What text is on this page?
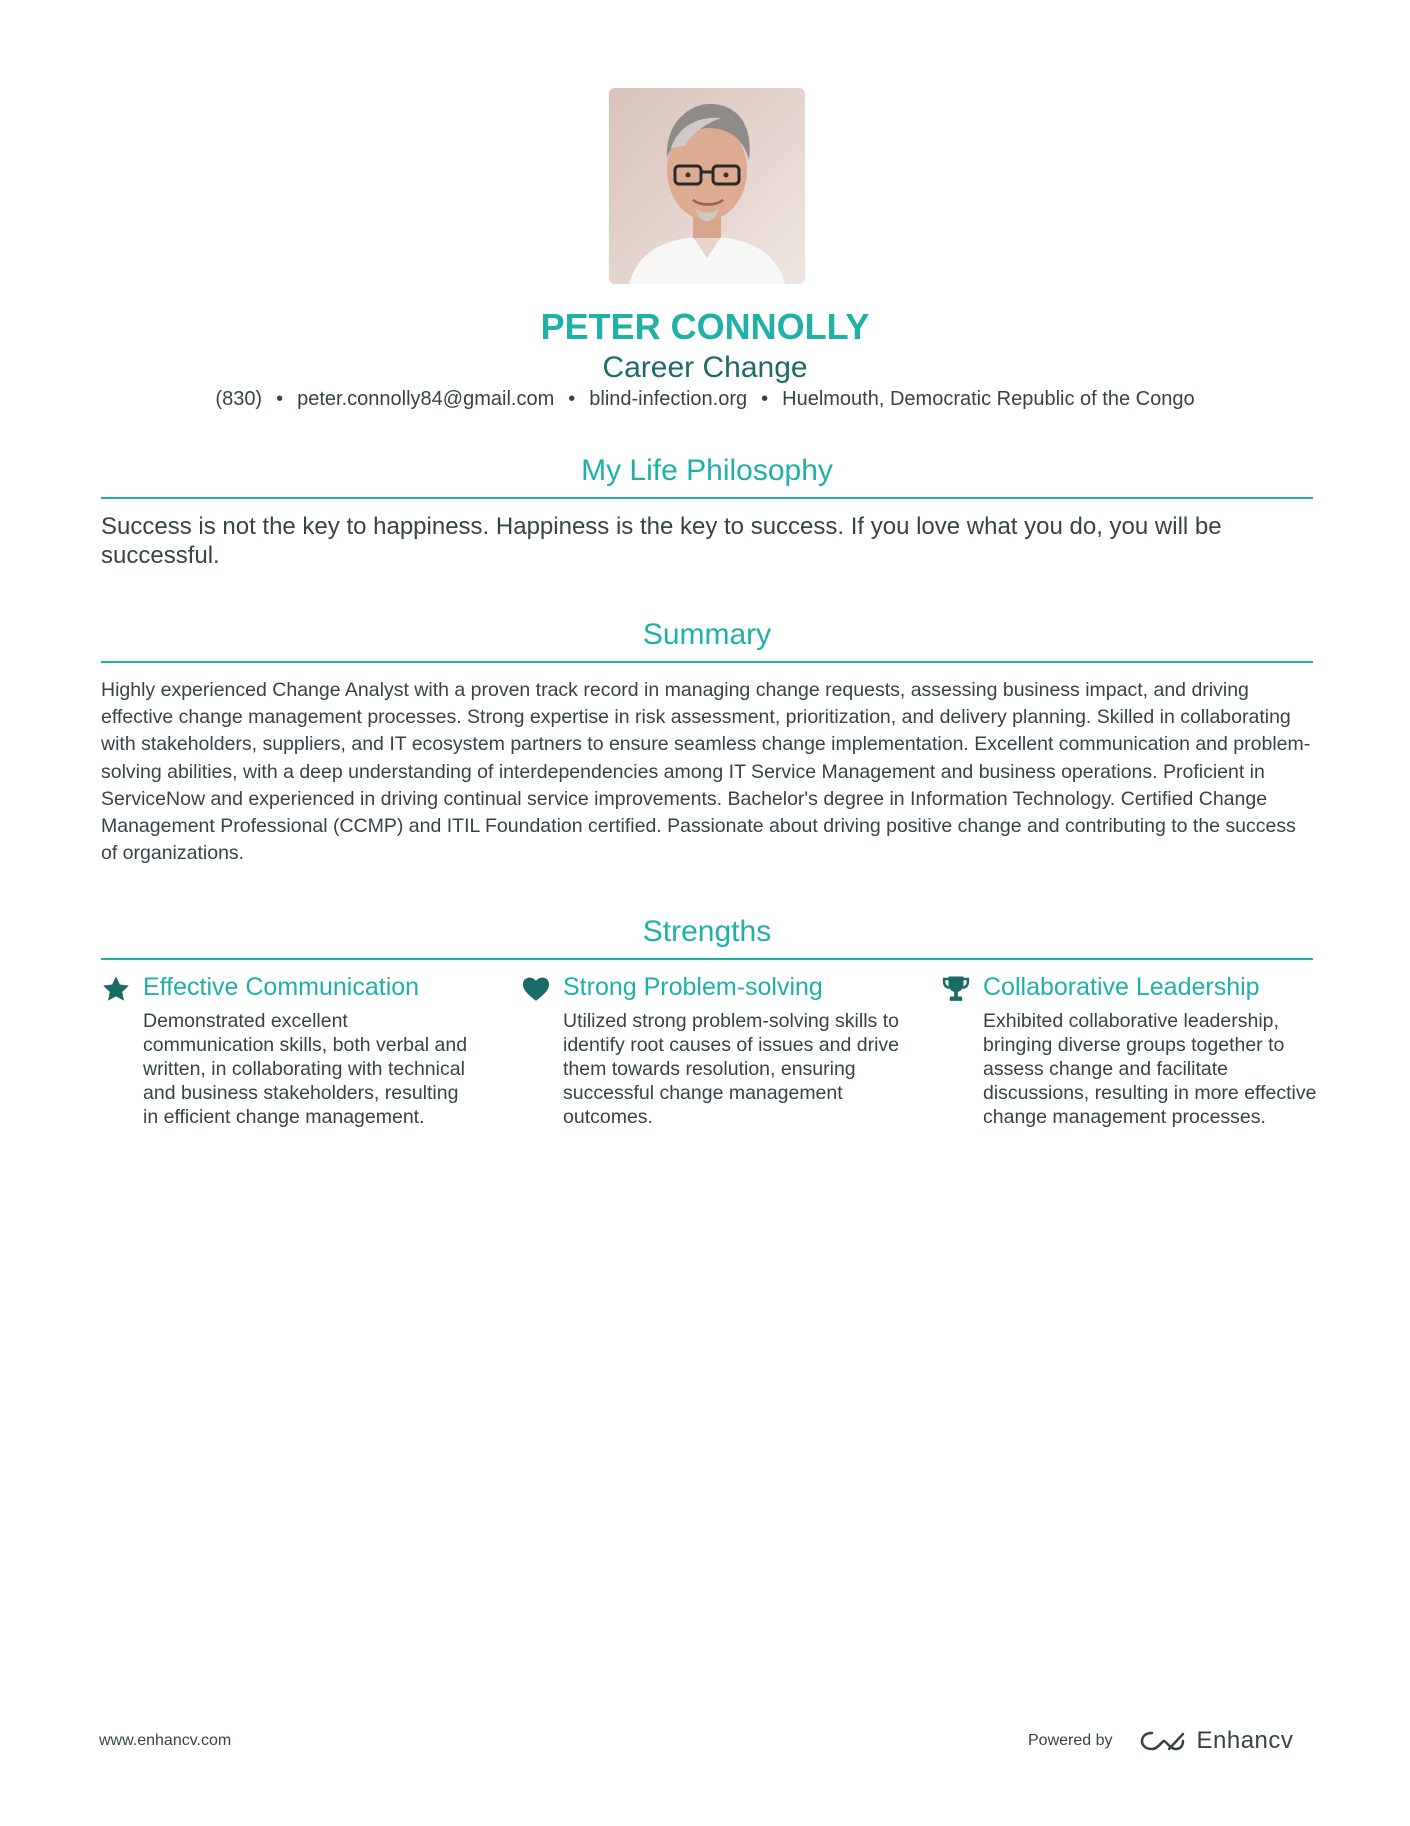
PETER CONNOLLY
Career Change
(830) • peter.connolly84@gmail.com • blind-infection.org • Huelmouth, Democratic Republic of the Congo
My Life Philosophy
Success is not the key to happiness. Happiness is the key to success. If you love what you do, you will be successful.
Summary
Highly experienced Change Analyst with a proven track record in managing change requests, assessing business impact, and driving effective change management processes. Strong expertise in risk assessment, prioritization, and delivery planning. Skilled in collaborating with stakeholders, suppliers, and IT ecosystem partners to ensure seamless change implementation. Excellent communication and problem-solving abilities, with a deep understanding of interdependencies among IT Service Management and business operations. Proficient in ServiceNow and experienced in driving continual service improvements. Bachelor's degree in Information Technology. Certified Change Management Professional (CCMP) and ITIL Foundation certified. Passionate about driving positive change and contributing to the success of organizations.
Strengths
Effective Communication
Demonstrated excellent communication skills, both verbal and written, in collaborating with technical and business stakeholders, resulting in efficient change management.
Strong Problem-solving
Utilized strong problem-solving skills to identify root causes of issues and drive them towards resolution, ensuring successful change management outcomes.
Collaborative Leadership
Exhibited collaborative leadership, bringing diverse groups together to assess change and facilitate discussions, resulting in more effective change management processes.
www.enhancv.com	Powered by	Enhancv
